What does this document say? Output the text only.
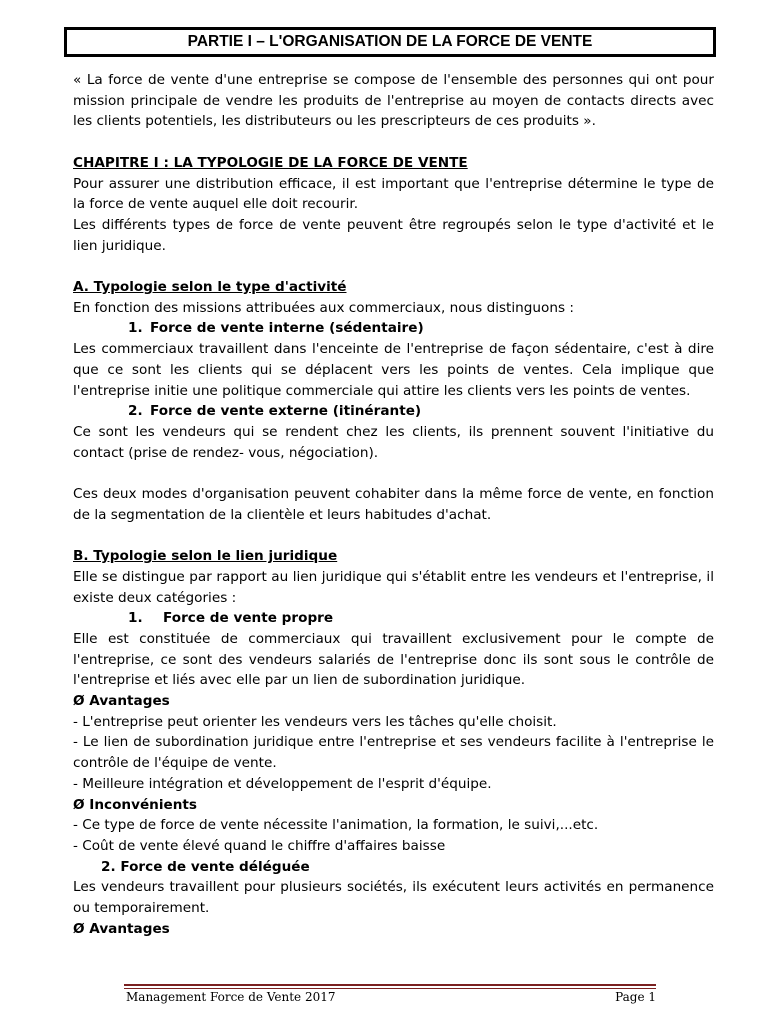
PARTIE I – L'ORGANISATION DE LA FORCE DE VENTE

« La force de vente d'une entreprise se compose de l'ensemble des personnes qui ont pour mission principale de vendre les produits de l'entreprise au moyen de contacts directs avec les clients potentiels, les distributeurs ou les prescripteurs de ces produits ».

CHAPITRE I : LA TYPOLOGIE DE LA FORCE DE VENTE

Pour assurer une distribution efficace, il est important que l'entreprise détermine le type de la force de vente auquel elle doit recourir.

Les différents types de force de vente peuvent être regroupés selon le type d'activité et le lien juridique.

A. Typologie selon le type d'activité

En fonction des missions attribuées aux commerciaux, nous distinguons :

1. Force de vente interne (sédentaire)

Les commerciaux travaillent dans l'enceinte de l'entreprise de façon sédentaire, c'est à dire que ce sont les clients qui se déplacent vers les points de ventes. Cela implique que l'entreprise initie une politique commerciale qui attire les clients vers les points de ventes.

2. Force de vente externe (itinérante)

Ce sont les vendeurs qui se rendent chez les clients, ils prennent souvent l'initiative du contact (prise de rendez- vous, négociation).

Ces deux modes d'organisation peuvent cohabiter dans la même force de vente, en fonction de la segmentation de la clientèle et leurs habitudes d'achat.

B. Typologie selon le lien juridique

Elle se distingue par rapport au lien juridique qui s'établit entre les vendeurs et l'entreprise, il existe deux catégories :

1. Force de vente propre

Elle est constituée de commerciaux qui travaillent exclusivement pour le compte de l'entreprise, ce sont des vendeurs salariés de l'entreprise donc ils sont sous le contrôle de l'entreprise et liés avec elle par un lien de subordination juridique.

Ø Avantages

- L'entreprise peut orienter les vendeurs vers les tâches qu'elle choisit.

- Le lien de subordination juridique entre l'entreprise et ses vendeurs facilite à l'entreprise le contrôle de l'équipe de vente.

- Meilleure intégration et développement de l'esprit d'équipe.

Ø Inconvénients

- Ce type de force de vente nécessite l'animation, la formation, le suivi,...etc.

- Coût de vente élevé quand le chiffre d'affaires baisse

2. Force de vente déléguée

Les vendeurs travaillent pour plusieurs sociétés, ils exécutent leurs activités en permanence ou temporairement.

Ø Avantages

Management Force de Vente 2017	Page 1
